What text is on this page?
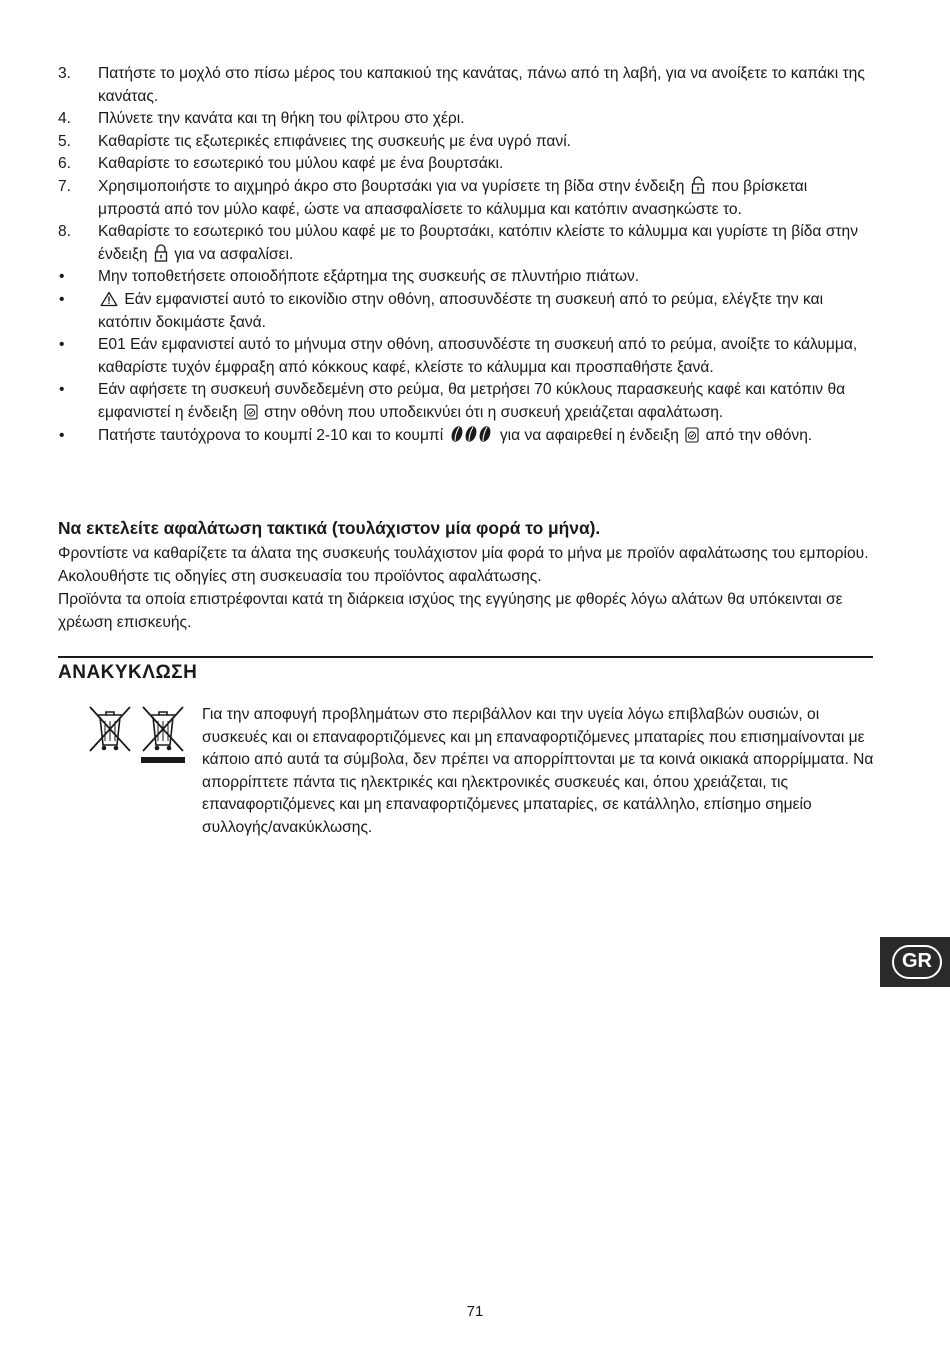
3. Πατήστε το μοχλό στο πίσω μέρος του καπακιού της κανάτας, πάνω από τη λαβή, για να ανοίξετε το καπάκι της κανάτας.
4. Πλύνετε την κανάτα και τη θήκη του φίλτρου στο χέρι.
5. Καθαρίστε τις εξωτερικές επιφάνειες της συσκευής με ένα υγρό πανί.
6. Καθαρίστε το εσωτερικό του μύλου καφέ με ένα βουρτσάκι.
7. Χρησιμοποιήστε το αιχμηρό άκρο στο βουρτσάκι για να γυρίσετε τη βίδα στην ένδειξη που βρίσκεται μπροστά από τον μύλο καφέ, ώστε να απασφαλίσετε το κάλυμμα και κατόπιν ανασηκώστε το.
8. Καθαρίστε το εσωτερικό του μύλου καφέ με το βουρτσάκι, κατόπιν κλείστε το κάλυμμα και γυρίστε τη βίδα στην ένδειξη για να ασφαλίσει.
• Μην τοποθετήσετε οποιοδήποτε εξάρτημα της συσκευής σε πλυντήριο πιάτων.
•	Εάν εμφανιστεί αυτό το εικονίδιο στην οθόνη, αποσυνδέστε τη συσκευή από το ρεύμα, ελέγξτε την και κατόπιν δοκιμάστε ξανά.
• E01 Εάν εμφανιστεί αυτό το μήνυμα στην οθόνη, αποσυνδέστε τη συσκευή από το ρεύμα, ανοίξτε το κάλυμμα, καθαρίστε τυχόν έμφραξη από κόκκους καφέ, κλείστε το κάλυμμα και προσπαθήστε ξανά.
• Εάν αφήσετε τη συσκευή συνδεδεμένη στο ρεύμα, θα μετρήσει 70 κύκλους παρασκευής καφέ και κατόπιν θα εμφανιστεί η ένδειξη στην οθόνη που υποδεικνύει ότι η συσκευή χρειάζεται αφαλάτωση.
• Πατήστε ταυτόχρονα το κουμπί 2-10 και το κουμπί	για να αφαιρεθεί η ένδειξη από την οθόνη.
Να εκτελείτε αφαλάτωση τακτικά (τουλάχιστον μία φορά το μήνα).
Φροντίστε να καθαρίζετε τα άλατα της συσκευής τουλάχιστον μία φορά το μήνα με προϊόν αφαλάτωσης του εμπορίου. Ακολουθήστε τις οδηγίες στη συσκευασία του προϊόντος αφαλάτωσης.
Προϊόντα τα οποία επιστρέφονται κατά τη διάρκεια ισχύος της εγγύησης με φθορές λόγω αλάτων θα υπόκεινται σε χρέωση επισκευής.
ΑΝΑΚΥΚΛΩΣΗ
Για την αποφυγή προβλημάτων στο περιβάλλον και την υγεία λόγω επιβλαβών ουσιών, οι συσκευές και οι επαναφορτιζόμενες και μη επαναφορτιζόμενες μπαταρίες που επισημαίνονται με κάποιο από αυτά τα σύμβολα, δεν πρέπει να απορρίπτονται με τα κοινά οικιακά απορρίμματα. Να απορρίπτετε πάντα τις ηλεκτρικές και ηλεκτρονικές συσκευές και, όπου χρειάζεται, τις επαναφορτιζόμενες και μη επαναφορτιζόμενες μπαταρίες, σε κατάλληλο, επίσημο σημείο συλλογής/ανακύκλωσης.
GR
71
